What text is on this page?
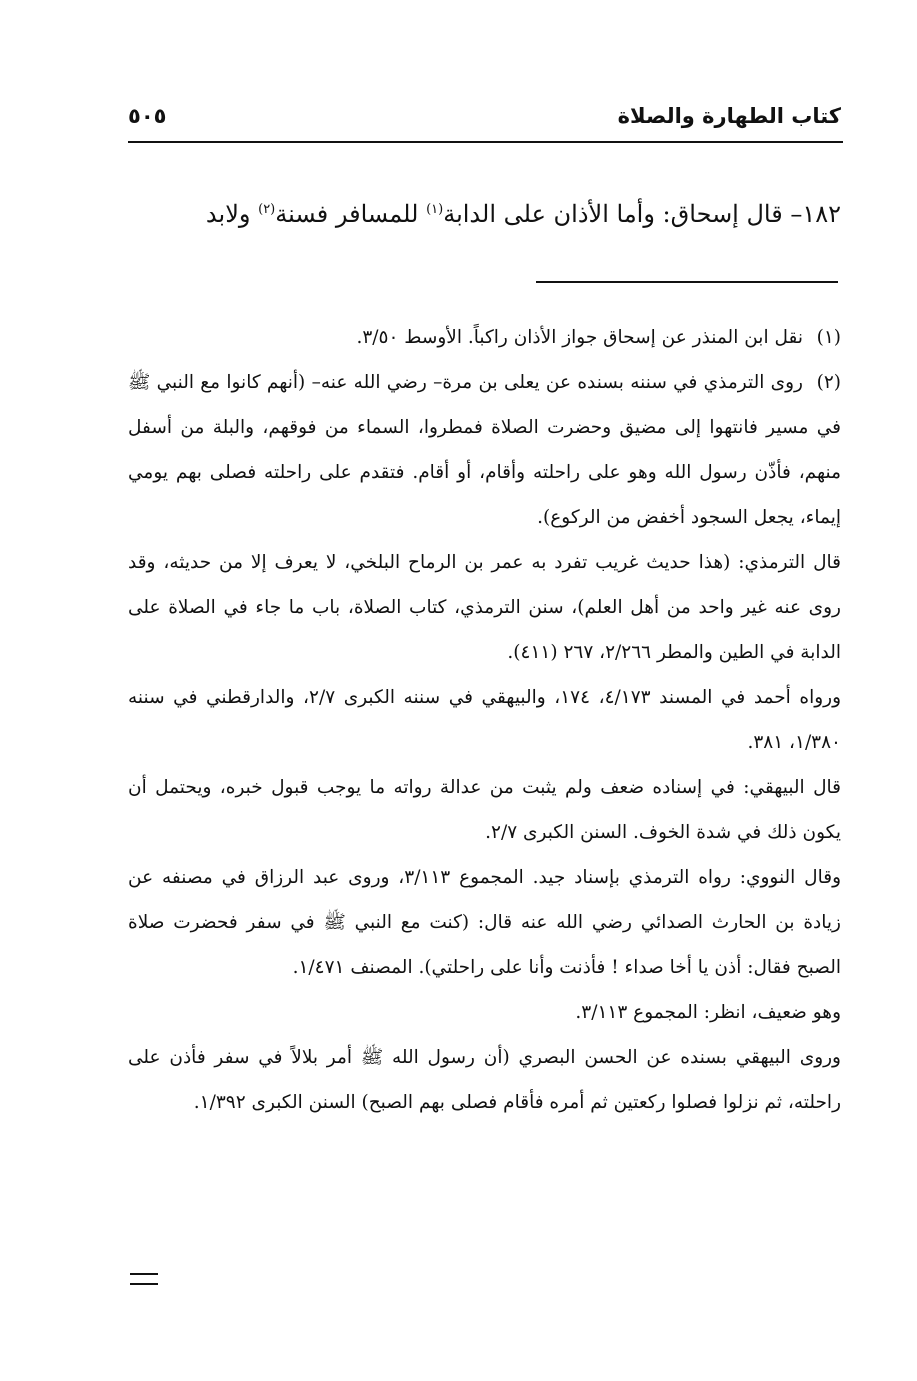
كتاب الطهارة والصلاة
٥٠٥
١٨٢– قال إسحاق: وأما الأذان على الدابة$^{(١)}$ للمسافر فسنة$^{(٢)}$ ولابد

(١)نقل ابن المنذر عن إسحاق جواز الأذان راكباً. الأوسط ٣/٥٠.

(٢)روى الترمذي في سننه بسنده عن يعلى بن مرة– رضي الله عنه– (أنهم كانوا مع النبي ﷺ في مسير فانتهوا إلى مضيق وحضرت الصلاة فمطروا، السماء من فوقهم، والبلة من أسفل منهم، فأذّن رسول الله وهو على راحلته وأقام، أو أقام. فتقدم على راحلته فصلى بهم يومي إيماء، يجعل السجود أخفض من الركوع).

قال الترمذي: (هذا حديث غريب تفرد به عمر بن الرماح البلخي، لا يعرف إلا من حديثه، وقد روى عنه غير واحد من أهل العلم)، سنن الترمذي، كتاب الصلاة، باب ما جاء في الصلاة على الدابة في الطين والمطر ٢/٢٦٦، ٢٦٧ (٤١١).

ورواه أحمد في المسند ٤/١٧٣، ١٧٤، والبيهقي في سننه الكبرى ٢/٧، والدارقطني في سننه ١/٣٨٠، ٣٨١.

قال البيهقي: في إسناده ضعف ولم يثبت من عدالة رواته ما يوجب قبول خبره، ويحتمل أن يكون ذلك في شدة الخوف. السنن الكبرى ٢/٧.

وقال النووي: رواه الترمذي بإسناد جيد. المجموع ٣/١١٣، وروى عبد الرزاق في مصنفه عن زيادة بن الحارث الصدائي رضي الله عنه قال: (كنت مع النبي ﷺ في سفر فحضرت صلاة الصبح فقال: أذن يا أخا صداء ! فأذنت وأنا على راحلتي). المصنف ١/٤٧١.

وهو ضعيف، انظر: المجموع ٣/١١٣.

وروى البيهقي بسنده عن الحسن البصري (أن رسول الله ﷺ أمر بلالاً في سفر فأذن على راحلته، ثم نزلوا فصلوا ركعتين ثم أمره فأقام فصلى بهم الصبح) السنن الكبرى ١/٣٩٢.
